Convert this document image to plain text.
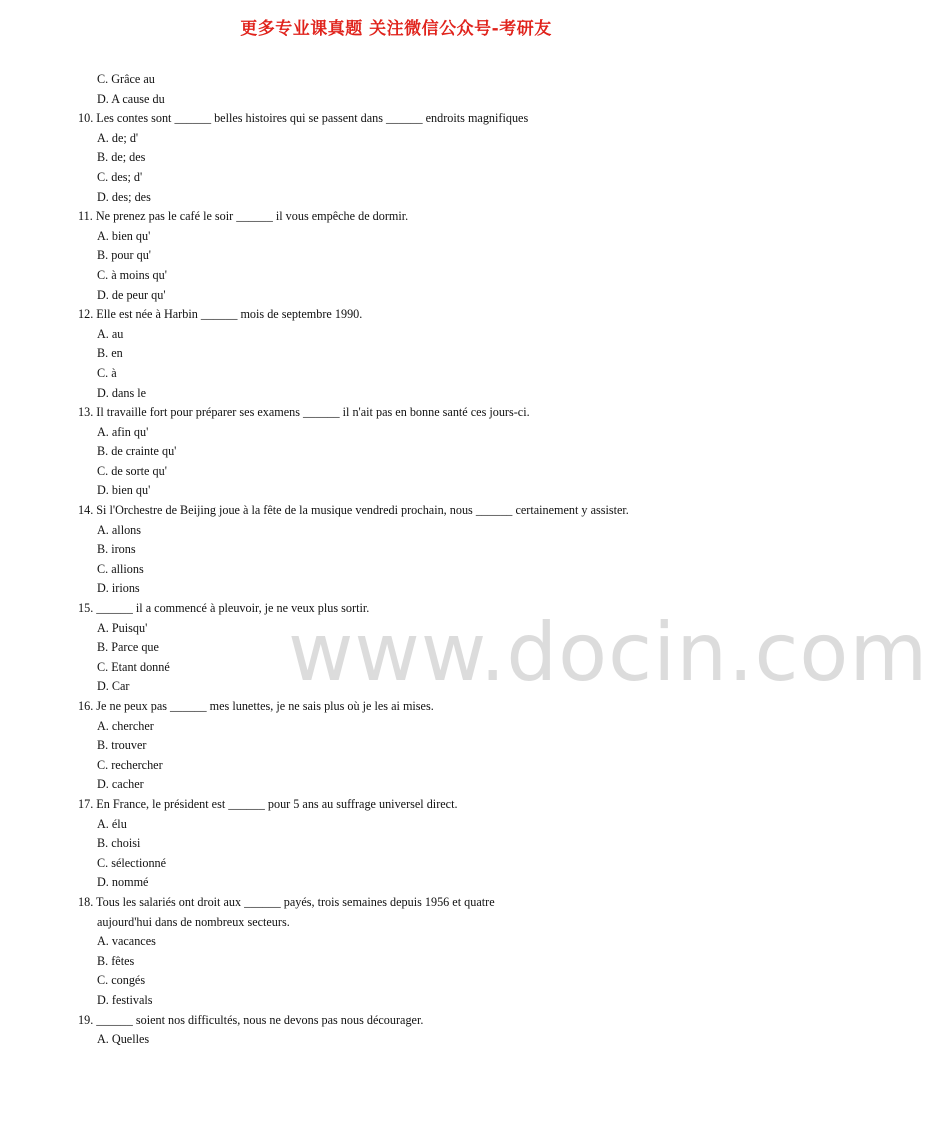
更多专业课真题 关注微信公众号-考研友
C. Grâce au
D. A cause du
10. Les contes sont ______ belles histoires qui se passent dans ______ endroits magnifiques
A. de; d'
B. de; des
C. des; d'
D. des; des
11. Ne prenez pas le café le soir ______ il vous empêche de dormir.
A. bien qu'
B. pour qu'
C. à moins qu'
D. de peur qu'
12. Elle est née à Harbin ______ mois de septembre 1990.
A. au
B. en
C. à
D. dans le
13. Il travaille fort pour préparer ses examens ______ il n'ait pas en bonne santé ces jours-ci.
A. afin qu'
B. de crainte qu'
C. de sorte qu'
D. bien qu'
14. Si l'Orchestre de Beijing joue à la fête de la musique vendredi prochain, nous ______ certainement y assister.
A. allons
B. irons
C. allions
D. irions
15. ______ il a commencé à pleuvoir, je ne veux plus sortir.
A. Puisqu'
B. Parce que
C. Etant donné
D. Car
16. Je ne peux pas ______ mes lunettes, je ne sais plus où je les ai mises.
A. chercher
B. trouver
C. rechercher
D. cacher
17. En France, le président est ______ pour 5 ans au suffrage universel direct.
A. élu
B. choisi
C. sélectionné
D. nommé
18. Tous les salariés ont droit aux ______ payés, trois semaines depuis 1956 et quatre
aujourd'hui dans de nombreux secteurs.
A. vacances
B. fêtes
C. congés
D. festivals
19. ______ soient nos difficultés, nous ne devons pas nous décourager.
A. Quelles
www.docin.com
